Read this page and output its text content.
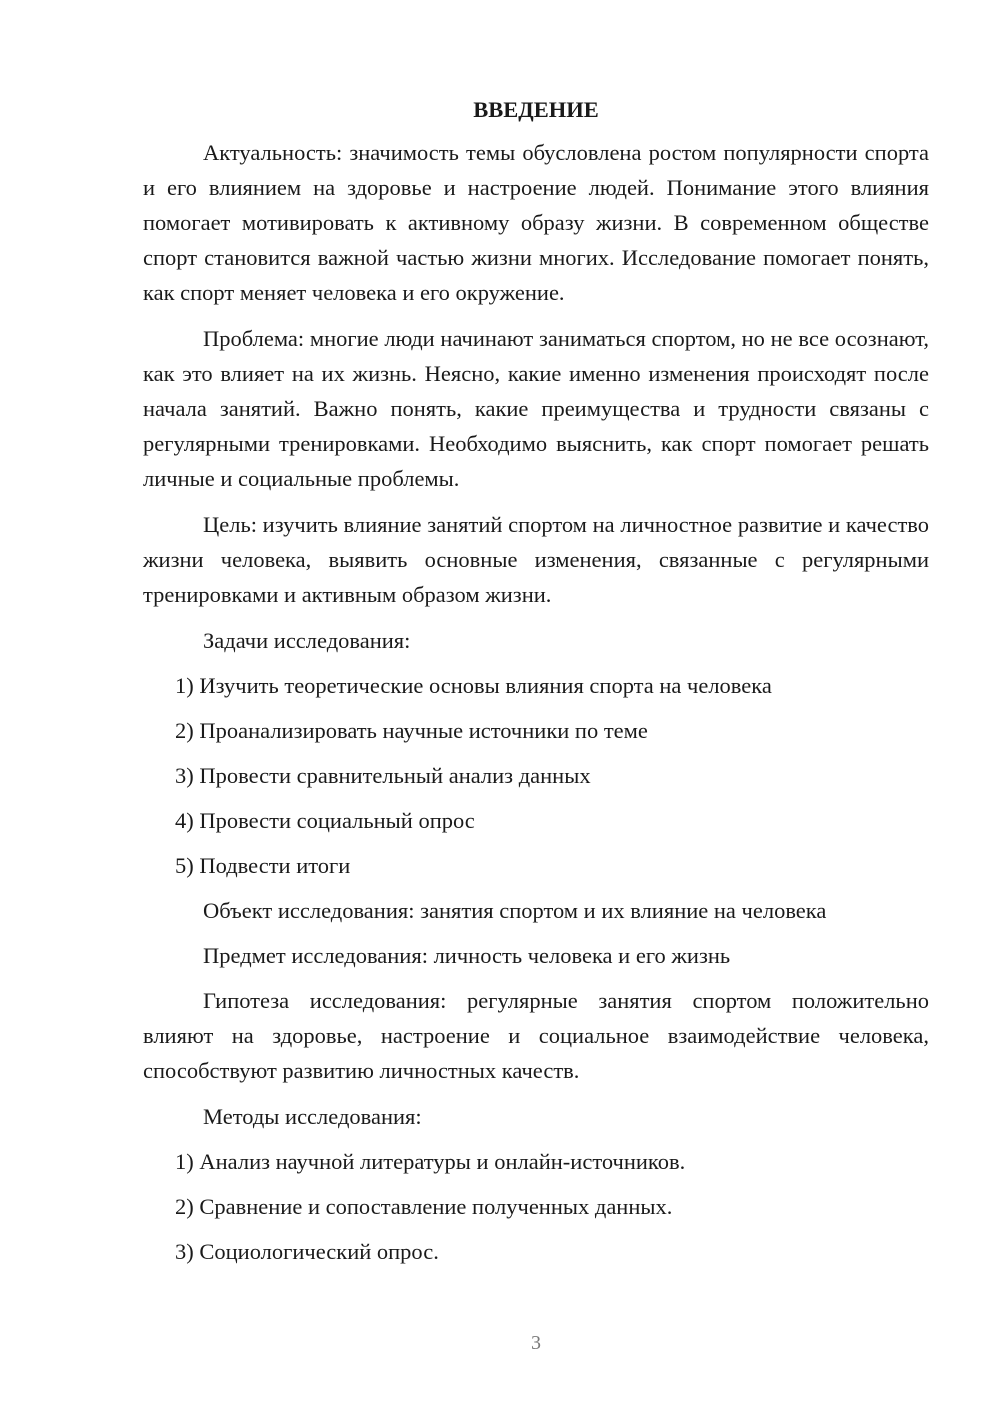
ВВЕДЕНИЕ

Актуальность: значимость темы обусловлена ростом популярности спорта и его влиянием на здоровье и настроение людей. Понимание этого влияния помогает мотивировать к активному образу жизни. В современном обществе спорт становится важной частью жизни многих. Исследование помогает понять, как спорт меняет человека и его окружение.

Проблема: многие люди начинают заниматься спортом, но не все осознают, как это влияет на их жизнь. Неясно, какие именно изменения происходят после начала занятий. Важно понять, какие преимущества и трудности связаны с регулярными тренировками. Необходимо выяснить, как спорт помогает решать личные и социальные проблемы.

Цель: изучить влияние занятий спортом на личностное развитие и качество жизни человека, выявить основные изменения, связанные с регулярными тренировками и активным образом жизни.

Задачи исследования:

1) Изучить теоретические основы влияния спорта на человека
2) Проанализировать научные источники по теме
3) Провести сравнительный анализ данных
4) Провести социальный опрос
5) Подвести итоги

Объект исследования: занятия спортом и их влияние на человека

Предмет исследования: личность человека и его жизнь

Гипотеза исследования: регулярные занятия спортом положительно влияют на здоровье, настроение и социальное взаимодействие человека, способствуют развитию личностных качеств.

Методы исследования:

1) Анализ научной литературы и онлайн-источников.
2) Сравнение и сопоставление полученных данных.
3) Социологический опрос.
3
